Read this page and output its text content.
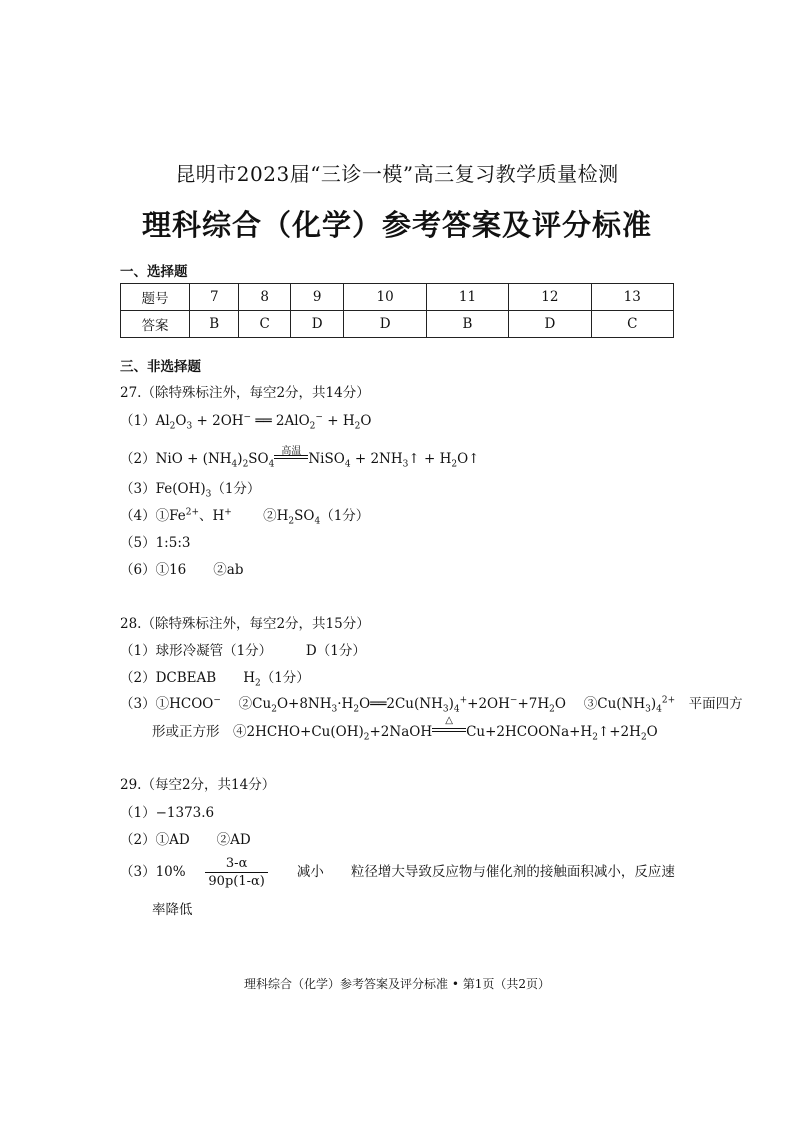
昆明市2023届“三诊一模”高三复习教学质量检测
理科综合（化学）参考答案及评分标准
一、选择题
题号	7	8	9	10	11	12	13
答案	B	C	D	D	B	D	C
三、非选择题
27.（除特殊标注外，每空2分，共14分）
$(1)Al_2O_3 + 2OH^-$ ══ $2AlO_2^- + H_2O$
$(2)NiO + (NH_4)_2SO_4$
高温 NiSO$_4$ + $2NH_3↑$ + $H_2O↑$
$(3)Fe(OH)_3(1$分）
$(4)①Fe^{2+}$、H+　　 $②H_2SO_4(1$分）
（5）1:5:3
（6）①16　　②ab
28.（除特殊标注外，每空2分，共15分）
（1）球形冷凝管（1分）　　　D（1分）
（2）DCBEAB　　$H_2(1$分）
（3）①HCOO−　 $②Cu_2O+8NH_3\cdot H_2O══2Cu(NH_3)_4^++2OH^-+7H_2O$　 $③Cu(NH_3)_4^{2+}$　 平面四方
形或正方形　$④2HCHO+Cu(OH)_2+2NaOH$
△
$Cu+2HCOONa+H_2↑+2H_2O$
29.（每空2分，共14分）
（1）−1373.6
（2）①AD　　②AD
（3）10%　 $\frac{3-\alpha}{90p(1-\alpha)}$
　　 减小　　 粒径增大导致反应物与催化剂的接触面积减小，反应速
率降低
理科综合（化学）参考答案及评分标准 • 第1页（共2页）
